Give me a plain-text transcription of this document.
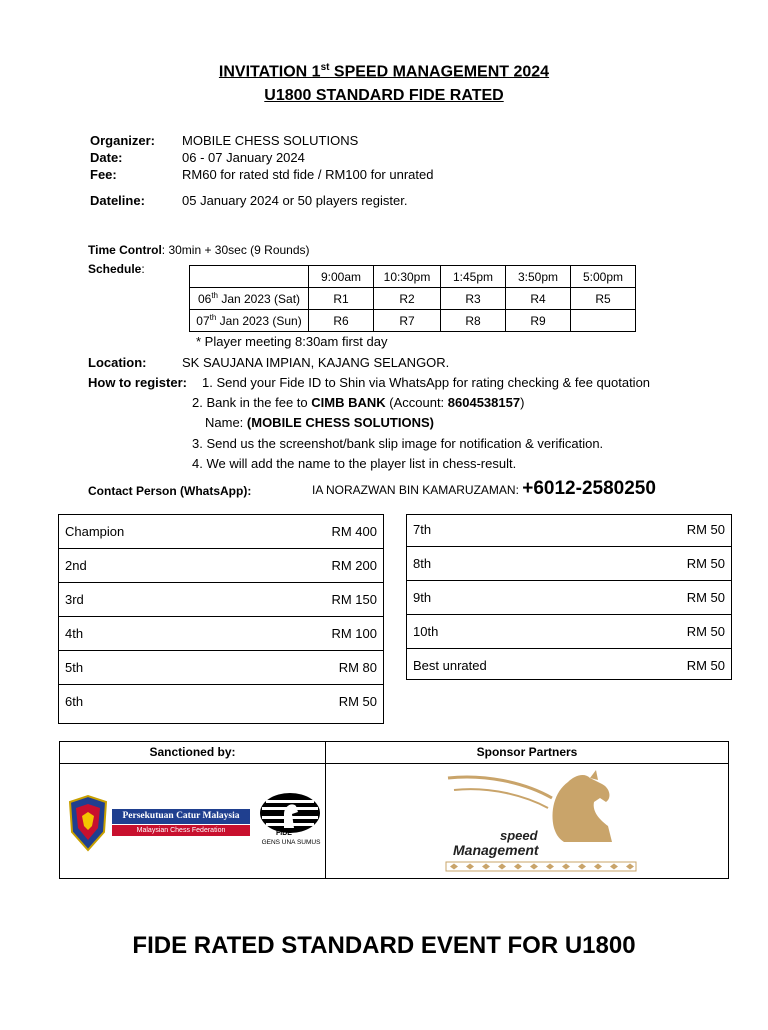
INVITATION 1st SPEED MANAGEMENT 2024
U1800 STANDARD FIDE RATED
Organizer: MOBILE CHESS SOLUTIONS
Date:	06 - 07 January 2024
Fee:	RM60 for rated std fide / RM100 for unrated
Dateline:	05 January 2024 or 50 players register.
Time Control: 30min + 30sec (9 Rounds)
Schedule:
	9:00am	10:30pm	1:45pm	3:50pm	5:00pm
06th Jan 2023 (Sat)	R1	R2	R3	R4	R5
07th Jan 2023 (Sun)	R6	R7	R8	R9	
* Player meeting 8:30am first day
Location:	SK SAUJANA IMPIAN, KAJANG SELANGOR.
How to register: 1. Send your Fide ID to Shin via WhatsApp for rating checking & fee quotation
2. Bank in the fee to CIMB BANK (Account: 8604538157)
Name: (MOBILE CHESS SOLUTIONS)
3. Send us the screenshot/bank slip image for notification & verification.
4. We will add the name to the player list in chess-result.
Contact Person (WhatsApp):	IA NORAZWAN BIN KAMARUZAMAN: +6012-2580250
Champion	RM 400
2nd	RM 200
3rd	RM 150
4th	RM 100
5th	RM 80
6th	RM 50
7th	RM 50
8th	RM 50
9th	RM 50
10th	RM 50
Best unrated	RM 50
Sanctioned by:	Sponsor Partners
Persekutuan Catur Malaysia
Malaysian Chess Federation	FIDE
GENS UNA SUMUS	speed
Management
FIDE RATED STANDARD EVENT FOR U1800
